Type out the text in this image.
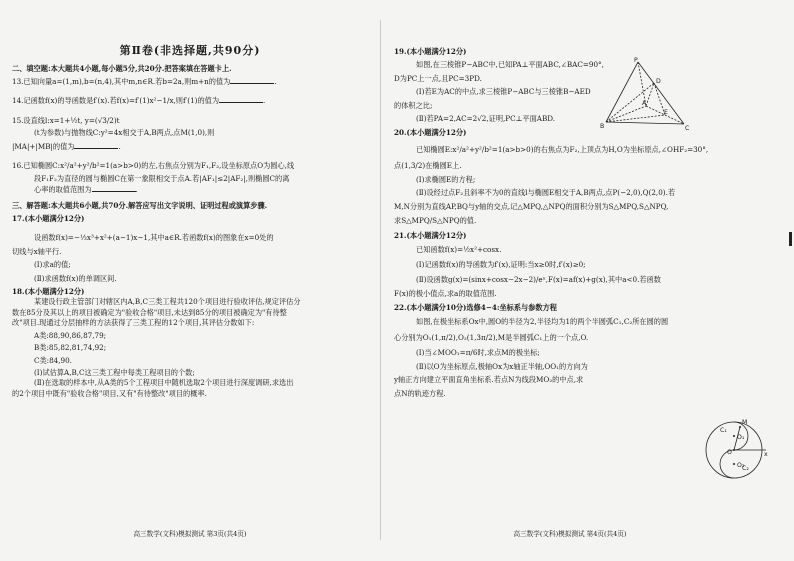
第Ⅱ卷(非选择题,共90分)
二、填空题:本大题共4小题,每小题5分,共20分.把答案填在答题卡上.
13.已知向量a=(1,m),b=(n,4),其中m,n∈R.若b=2a,则m+n的值为	.
14.记函数f(x)的导函数是f′(x).若f(x)=f′(1)x²−1/x,则f′(1)的值为	.
15.设直线l:x=1+½t, y=(√3/2)t
(t为参数)与抛物线C:y²=4x相交于A,B两点,点M(1,0),则
|MA|+|MB|的值为	.
16.已知椭圆C:x²/a²+y²/b²=1(a>b>0)的左,右焦点分别为F₁,F₂,设坐标原点O为圆心,线
段F₁F₂为直径的圆与椭圆C在第一象限相交于点A.若|AF₁|≤2|AF₂|,则椭圆C的离
心率的取值范围为	.
三、解答题:本大题共6小题,共70分.解答应写出文字说明、证明过程或演算步骤.
17.(本小题满分12分)
设函数f(x)=−⅓x³+x²+(a−1)x−1,其中a∈R.若函数f(x)的图象在x=0处的
切线与x轴平行.
(Ⅰ)求a的值;
(Ⅱ)求函数f(x)的单调区间.
18.(本小题满分12分)
某建设行政主管部门对辖区内A,B,C三类工程共120个项目进行验收评估,规定评估分
数在85分及其以上的项目被确定为"验收合格"项目,未达到85分的项目被确定为"有待整
改"项目.现通过分层抽样的方法获得了三类工程的12个项目,其评估分数如下:
A类:88,90,86,87,79;
B类:85,82,81,74,92;
C类:84,90.
(Ⅰ)试估算A,B,C这三类工程中每类工程项目的个数;
(Ⅱ)在选取的样本中,从A类的5个工程项目中随机选取2个项目进行深度调研,求选出
的2个项目中既有"验收合格"项目,又有"有待整改"项目的概率.
高三数学(文科)模拟测试 第3页(共4页)
19.(本小题满分12分)
如图,在三棱锥P−ABC中,已知PA⊥平面ABC,∠BAC=90°,
D为PC上一点,且PC=3PD.
(Ⅰ)若E为AC的中点,求三棱锥P−ABC与三棱锥B−AED
的体积之比;
(Ⅱ)若PA=2,AC=2√2,证明,PC⊥平面ABD.
20.(本小题满分12分)
已知椭圆E:x²/a²+y²/b²=1(a>b>0)的右焦点为F₂,上顶点为H,O为坐标原点,∠OHF₂=30°,
点(1,3/2)在椭圆E上.
(Ⅰ)求椭圆E的方程;
(Ⅱ)设经过点F₂且斜率不为0的直线l与椭圆E相交于A,B两点,点P(−2,0),Q(2,0).若
M,N分别为直线AP,BQ与y轴的交点,记△MPQ,△NPQ的面积分别为S△MPQ,S△NPQ,
求S△MPQ/S△NPQ的值.
21.(本小题满分12分)
已知函数f(x)=½x²+cosx.
(Ⅰ)记函数f(x)的导函数为f′(x),证明:当x≥0时,f′(x)≥0;
(Ⅱ)设函数g(x)=(sinx+cosx−2x−2)/eˣ,F(x)=af(x)+g(x),其中a<0.若函数
F(x)的极小值点,求a的取值范围.
22.(本小题满分10分)选修4−4:坐标系与参数方程
如图,在极坐标系Ox中,圆O的半径为2,半径均为1的两个半圆弧C₁,C₂所在圆的圆
心分别为O₁(1,π/2),O₂(1,3π/2),M是半圆弧C₁上的一个点,O.
(Ⅰ)当∠MOO₁=π/6时,求点M的极坐标;
(Ⅱ)以O为坐标原点,极轴Ox为x轴正半轴,OO₁的方向为
y轴正方向建立平面直角坐标系.若点N为线段MO₂的中点,求
点N的轨迹方程.
高三数学(文科)模拟测试 第4页(共4页)
P
A
B	C
D
E
C₁
C₂
O₁
O₂
O
M
x
